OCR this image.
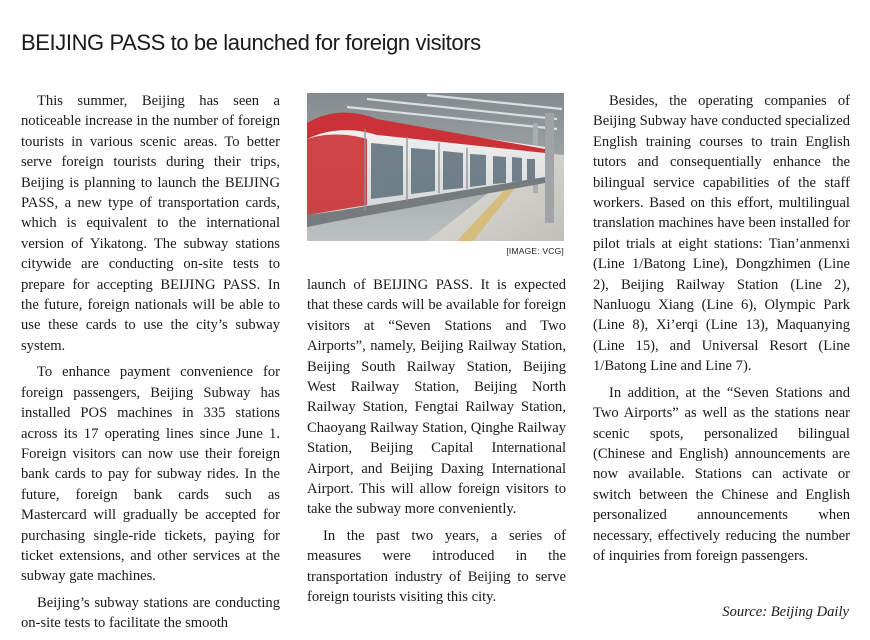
BEIJING PASS to be launched for foreign visitors

This summer, Beijing has seen a noticeable increase in the number of foreign tourists in various scenic areas. To better serve foreign tourists during their trips, Beijing is planning to launch the BEIJING PASS, a new type of transportation cards, which is equivalent to the international version of Yikatong. The subway stations citywide are conducting on-site tests to prepare for accepting BEIJING PASS. In the future, foreign nationals will be able to use these cards to use the city’s subway system.

To enhance payment convenience for foreign passengers, Beijing Subway has installed POS machines in 335 stations across its 17 operating lines since June 1. Foreign visitors can now use their foreign bank cards to pay for subway rides. In the future, foreign bank cards such as Mastercard will gradually be accepted for purchasing single-ride tickets, paying for ticket extensions, and other services at the subway gate machines.

Beijing’s subway stations are conducting on-site tests to facilitate the smooth

[IMAGE: VCG]

launch of BEIJING PASS. It is expected that these cards will be available for foreign visitors at “Seven Stations and Two Airports”, namely, Beijing Railway Station, Beijing South Railway Station, Beijing West Railway Station, Beijing North Railway Station, Fengtai Railway Station, Chaoyang Railway Station, Qinghe Railway Station, Beijing Capital International Airport, and Beijing Daxing International Airport. This will allow foreign visitors to take the subway more conveniently.

In the past two years, a series of measures were introduced in the transportation industry of Beijing to serve foreign tourists visiting this city.

Besides, the operating companies of Beijing Subway have conducted specialized English training courses to train English tutors and consequentially enhance the bilingual service capabilities of the staff workers. Based on this effort, multilingual translation machines have been installed for pilot trials at eight stations: Tian’anmenxi (Line 1/Batong Line), Dongzhimen (Line 2), Beijing Railway Station (Line 2), Nanluogu Xiang (Line 6), Olympic Park (Line 8), Xi’erqi (Line 13), Maquanying (Line 15), and Universal Resort (Line 1/Batong Line and Line 7).

In addition, at the “Seven Stations and Two Airports” as well as the stations near scenic spots, personalized bilingual (Chinese and English) announcements are now available. Stations can activate or switch between the Chinese and English personalized announcements when necessary, effectively reducing the number of inquiries from foreign passengers.

Source: Beijing Daily
